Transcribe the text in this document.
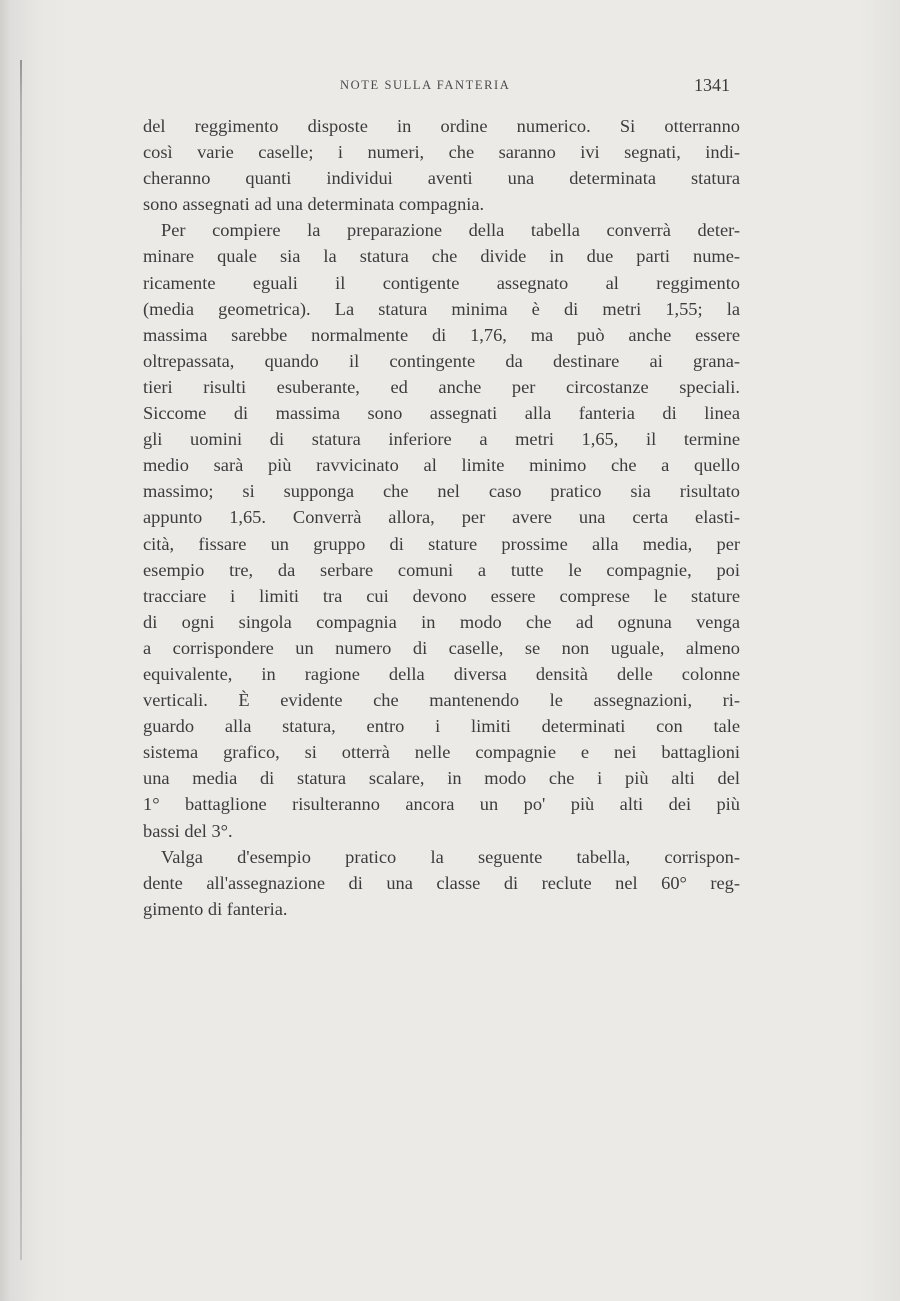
NOTE SULLA FANTERIA	1341
del reggimento disposte in ordine numerico. Si otterranno
così varie caselle; i numeri, che saranno ivi segnati, indi-
cheranno quanti individui aventi una determinata statura
sono assegnati ad una determinata compagnia.
Per compiere la preparazione della tabella converrà deter-
minare quale sia la statura che divide in due parti nume-
ricamente eguali il contigente assegnato al reggimento
(media geometrica). La statura minima è di metri 1,55; la
massima sarebbe normalmente di 1,76, ma può anche essere
oltrepassata, quando il contingente da destinare ai grana-
tieri risulti esuberante, ed anche per circostanze speciali.
Siccome di massima sono assegnati alla fanteria di linea
gli uomini di statura inferiore a metri 1,65, il termine
medio sarà più ravvicinato al limite minimo che a quello
massimo; si supponga che nel caso pratico sia risultato
appunto 1,65. Converrà allora, per avere una certa elasti-
cità, fissare un gruppo di stature prossime alla media, per
esempio tre, da serbare comuni a tutte le compagnie, poi
tracciare i limiti tra cui devono essere comprese le stature
di ogni singola compagnia in modo che ad ognuna venga
a corrispondere un numero di caselle, se non uguale, almeno
equivalente, in ragione della diversa densità delle colonne
verticali. È evidente che mantenendo le assegnazioni, ri-
guardo alla statura, entro i limiti determinati con tale
sistema grafico, si otterrà nelle compagnie e nei battaglioni
una media di statura scalare, in modo che i più alti del
1° battaglione risulteranno ancora un po' più alti dei più
bassi del 3°.
Valga d'esempio pratico la seguente tabella, corrispon-
dente all'assegnazione di una classe di reclute nel 60° reg-
gimento di fanteria.
